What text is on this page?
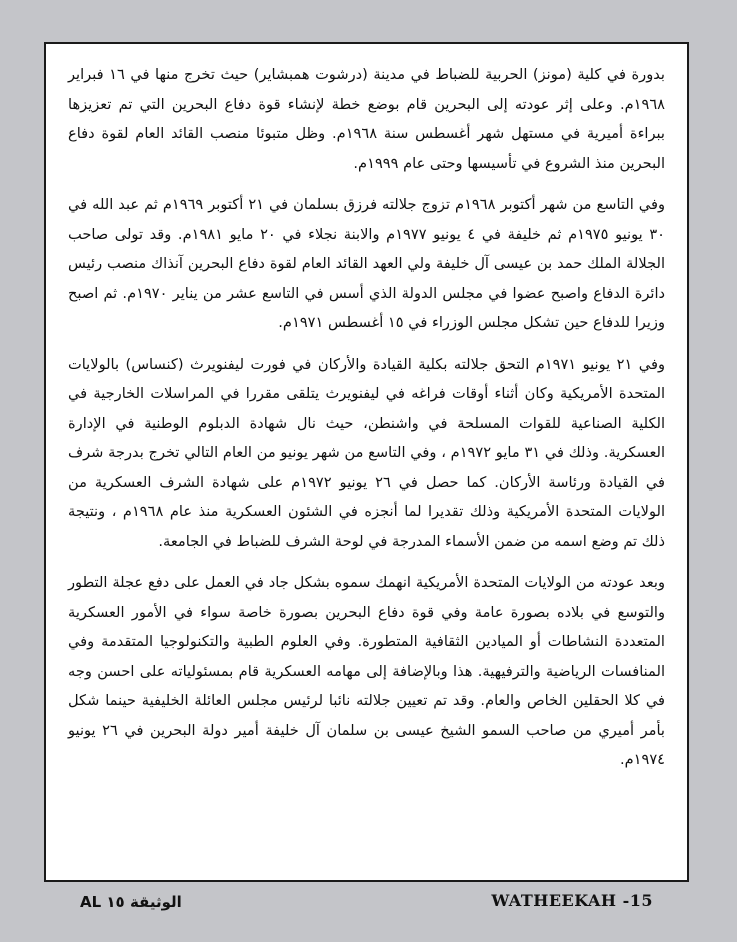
بدورة في كلية (مونز) الحربية للضباط في مدينة (درشوت همبشاير) حيث تخرج منها في ١٦ فبراير ١٩٦٨م. وعلى إثر عودته إلى البحرين قام بوضع خطة لإنشاء قوة دفاع البحرين التي تم تعزيزها ببراءة أميرية في مستهل شهر أغسطس سنة ١٩٦٨م. وظل متبوئا منصب القائد العام لقوة دفاع البحرين منذ الشروع في تأسيسها وحتى عام ١٩٩٩م.

وفي التاسع من شهر أكتوبر ١٩٦٨م تزوج جلالته فرزق بسلمان في ٢١ أكتوبر ١٩٦٩م ثم عبد الله في ٣٠ يونيو ١٩٧٥م ثم خليفة في ٤ يونيو ١٩٧٧م والابنة نجلاء في ٢٠ مايو ١٩٨١م. وقد تولى صاحب الجلالة الملك حمد بن عيسى آل خليفة ولي العهد القائد العام لقوة دفاع البحرين آنذاك منصب رئيس دائرة الدفاع واصبح عضوا في مجلس الدولة الذي أسس في التاسع عشر من يناير ١٩٧٠م. ثم اصبح وزيرا للدفاع حين تشكل مجلس الوزراء في ١٥ أغسطس ١٩٧١م.

وفي ٢١ يونيو ١٩٧١م التحق جلالته بكلية القيادة والأركان في فورت ليفنويرث (كنساس) بالولايات المتحدة الأمريكية وكان أثناء أوقات فراغه في ليفنويرث يتلقى مقررا في المراسلات الخارجية في الكلية الصناعية للقوات المسلحة في واشنطن، حيث نال شهادة الدبلوم الوطنية في الإدارة العسكرية. وذلك في ٣١ مايو ١٩٧٢م ، وفي التاسع من شهر يونيو من العام التالي تخرج بدرجة شرف في القيادة ورئاسة الأركان. كما حصل في ٢٦ يونيو ١٩٧٢م على شهادة الشرف العسكرية من الولايات المتحدة الأمريكية وذلك تقديرا لما أنجزه في الشئون العسكرية منذ عام ١٩٦٨م ، ونتيجة ذلك تم وضع اسمه من ضمن الأسماء المدرجة في لوحة الشرف للضباط في الجامعة.

وبعد عودته من الولايات المتحدة الأمريكية انهمك سموه بشكل جاد في العمل على دفع عجلة التطور والتوسع في بلاده بصورة عامة وفي قوة دفاع البحرين بصورة خاصة سواء في الأمور العسكرية المتعددة النشاطات أو الميادين الثقافية المتطورة. وفي العلوم الطبية والتكنولوجيا المتقدمة وفي المنافسات الرياضية والترفيهية. هذا وبالإضافة إلى مهامه العسكرية قام بمسئولياته على احسن وجه في كلا الحقلين الخاص والعام. وقد تم تعيين جلالته نائبا لرئيس مجلس العائلة الخليفية حينما شكل بأمر أميري من صاحب السمو الشيخ عيسى بن سلمان آل خليفة أمير دولة البحرين في ٢٦ يونيو ١٩٧٤م.

الوثيقة ١٥ AL	WATHEEKAH -15
